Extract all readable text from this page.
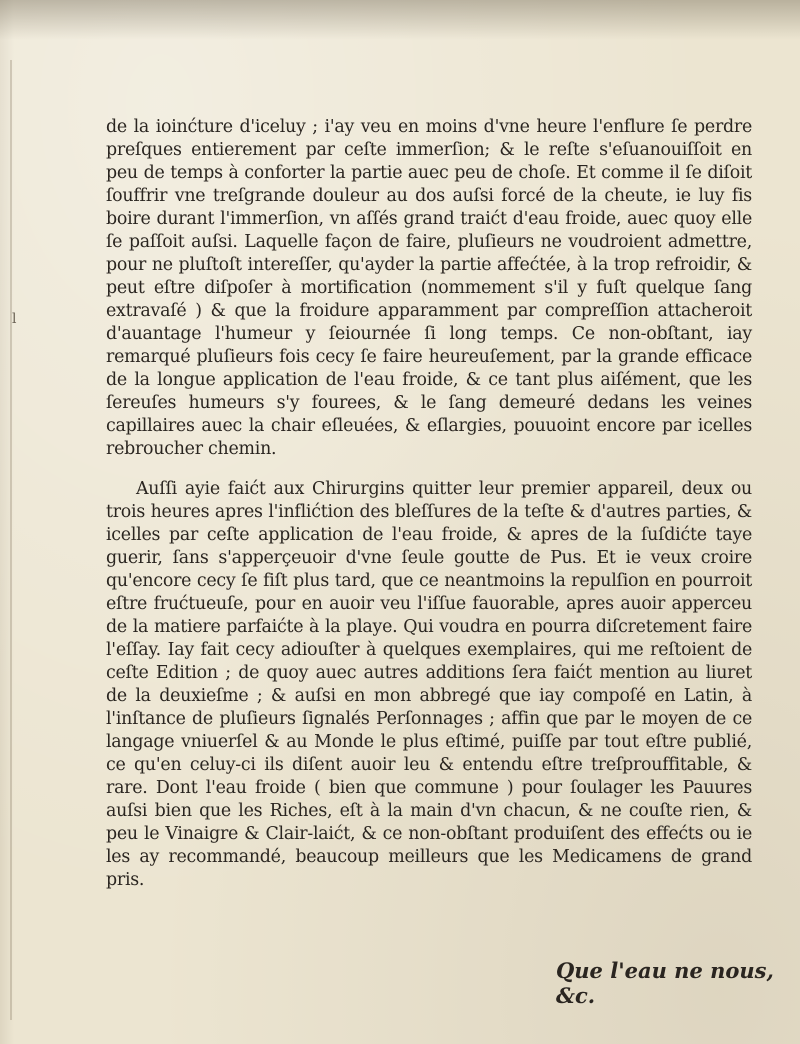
ⅼ

de la ioinćture d'iceluy ; i'ay veu en moins d'vne heure l'enflure ſe perdre preſques entierement par ceſte immerſion; & le reſte s'eſuanouiſſoit en peu de temps à conforter la partie auec peu de choſe. Et comme il ſe diſoit ſouffrir vne treſgrande douleur au dos auſsi forcé de la cheute, ie luy fis boire durant l'immerſion, vn aſſés grand traićt d'eau froide, auec quoy elle ſe paſſoit auſsi. Laquelle façon de faire, pluſieurs ne voudroient admettre, pour ne pluſtoſt intereſſer, qu'ayder la partie affećtée, à la trop refroidir, & peut eſtre diſpoſer à mortification (nommement s'il y fuſt quelque ſang extravaſé ) & que la froidure apparamment par compreſſion attacheroit d'auantage l'humeur y ſeiournée ſi long temps. Ce non-obſtant, iay remarqué pluſieurs fois cecy ſe faire heureuſement, par la grande efficace de la longue application de l'eau froide, & ce tant plus aiſément, que les ſereuſes humeurs s'y fourees, & le ſang demeuré dedans les veines capillaires auec la chair eſleuées, & eſlargies, pouuoint encore par icelles rebroucher chemin.

Auſſi ayie faićt aux Chirurgins quitter leur premier appareil, deux ou trois heures apres l'inflićtion des bleſſures de la teſte & d'autres parties, & icelles par ceſte application de l'eau froide, & apres de la ſuſdićte taye guerir, ſans s'apperçeuoir d'vne ſeule goutte de Pus. Et ie veux croire qu'encore cecy ſe fiſt plus tard, que ce neantmoins la repulſion en pourroit eſtre frućtueuſe, pour en auoir veu l'iſſue fauorable, apres auoir apperceu de la matiere parfaićte à la playe. Qui voudra en pourra diſcretement faire l'eſſay. Iay fait cecy adiouſter à quelques exemplaires, qui me reſtoient de ceſte Edition ; de quoy auec autres additions ſera faićt mention au liuret de la deuxieſme ; & auſsi en mon abbregé que iay compoſé en Latin, à l'inſtance de pluſieurs ſignalés Perſonnages ; affin que par le moyen de ce langage vniuerſel & au Monde le plus eſtimé, puiſſe par tout eſtre publié, ce qu'en celuy-ci ils diſent auoir leu & entendu eſtre treſprouffitable, & rare. Dont l'eau froide ( bien que commune ) pour ſoulager les Pauures auſsi bien que les Riches, eſt à la main d'vn chacun, & ne couſte rien, & peu le Vinaigre & Clair-laićt, & ce non-obſtant produiſent des effećts ou ie les ay recommandé, beaucoup meilleurs que les Medicamens de grand pris.

Que l'eau ne nous, &c.
